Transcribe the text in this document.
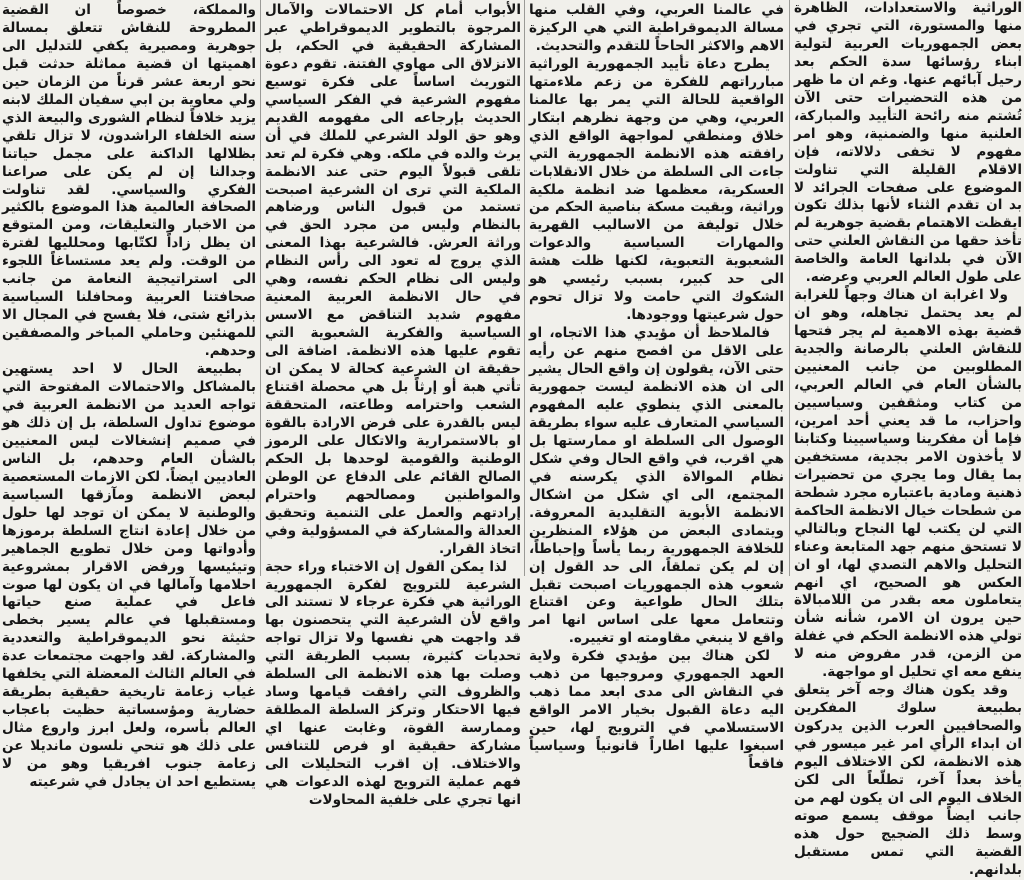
الوراثية والاستعدادات، الظاهرة منها والمستورة، التي تجري في بعض الجمهوريات العربية لتولية ابناء رؤسائها سدة الحكم بعد رحيل آبائهم عنها. وغم ان ما ظهر من هذه التحضيرات حتى الآن تُشتم منه رائحة التأييد والمباركة، العلنية منها والضمنية، وهو امر مفهوم لا تخفى دلالاته، فإن الاقلام القليلة التي تناولت الموضوع على صفحات الجرائد لا بد ان تقدم الثناء لأنها بذلك تكون ايقظت الاهتمام بقضية جوهرية لم تأخذ حقها من النقاش العلني حتى الآن في بلدانها العامة والخاصة على طول العالم العربي وعرضه.

ولا اغرابة ان هناك وجهاً للغرابة لم يعد يحتمل تجاهله، وهو ان قضية بهذه الاهمية لم يجر فتحها للنقاش العلني بالرصانة والجدية المطلوبين من جانب المعنيين بالشأن العام في العالم العربي، من كتاب ومثقفين وسياسيين واحزاب، ما قد يعني أحد امرين، فإما أن مفكرينا وسياسيينا وكتابنا لا يأخذون الامر بجدية، مستخفين بما يقال وما يجري من تحضيرات ذهنية ومادية باعتباره مجرد شطحة من شطحات خيال الانظمة الحاكمة التي لن يكتب لها النجاح وبالتالي لا تستحق منهم جهد المتابعة وعناء التحليل والاهم التصدي لها، او ان العكس هو الصحيح، اي انهم يتعاملون معه بقدر من اللامبالاة حين يرون ان الامر، شأنه شأن تولي هذه الانظمة الحكم في غفلة من الزمن، قدر مفروض منه لا ينفع معه اي تحليل او مواجهة.

وقد يكون هناك وجه آخر يتعلق بطبيعة سلوك المفكرين والصحافيين العرب الذين يدركون ان ابداء الرأي امر غير ميسور في هذه الانظمة، لكن الاختلاف اليوم يأخذ بعداً آخر، تطلّعاً الى لكن الخلاف اليوم الى ان يكون لهم من جانب ايضاً موقف يسمع صوته وسط ذلك الضجيج حول هذه القضية التي تمس مستقبل بلدانهم.

في عالمنا العربي، وفي القلب منها مسالة الديموقراطية التي هي الركيزة الاهم والاكثر الحاحاً للتقدم والتحديث.

يطرح دعاة تأييد الجمهورية الوراثية مبارراتهم للفكرة من زعم ملاءمتها الواقعية للحالة التي يمر بها عالمنا العربي، وهي من وجهة نظرهم ابتكار خلاق ومنطقي لمواجهة الواقع الذي رافقته هذه الانظمة الجمهورية التي جاءت الى السلطة من خلال الانقلابات العسكرية، معظمها ضد انظمة ملكية وراثية، وبقيت مسكة بناصية الحكم من خلال توليفة من الاساليب القهرية والمهارات السياسية والدعوات الشعبوية التعبوية، لكنها ظلت هشة الى حد كبير، بسبب رئيسي هو الشكوك التي حامت ولا تزال تحوم حول شرعيتها ووجودها.

فالملاحظ أن مؤيدي هذا الاتجاه، او على الاقل من افصح منهم عن رأيه حتى الآن، يقولون إن واقع الحال يشير الى ان هذه الانظمة ليست جمهورية بالمعنى الذي ينطوي عليه المفهوم السياسي المتعارف عليه سواء بطريقة الوصول الى السلطة او ممارستها بل هي اقرب، في واقع الحال وفي شكل نظام الموالاة الذي يكرسنه في المجتمع، الى اي شكل من اشكال الانظمة الأبوية التقليدية المعروفة. ويتمادى البعض من هؤلاء المنظرين للخلافة الجمهورية ربما يأساً وإحباطاً، إن لم يكن تملقاً، الى حد القول إن شعوب هذه الجمهوريات اصبحت تقبل بتلك الحال طواعية وعن اقتناع وتتعامل معها على اساس انها امر واقع لا ينبغي مقاومته او تغييره.

لكن هناك بين مؤيدي فكرة ولاية العهد الجمهوري ومروجيها من ذهب في النقاش الى مدى ابعد مما ذهب اليه دعاة القبول بخيار الامر الواقع الاستسلامي في الترويج لها، حين اسبغوا عليها اطاراً قانونياً وسياسياً فاقعاً

الأبواب أمام كل الاحتمالات والآمال المرجوة بالتطوير الديموقراطي عبر المشاركة الحقيقية في الحكم، بل الانزلاق الى مهاوي الفتنة. تقوم دعوة التوريث اساساً على فكرة توسيع مفهوم الشرعية في الفكر السياسي الحديث بإرجاعه الى مفهومه القديم وهو حق الولد الشرعي للملك في أن يرث والده في ملكه. وهي فكرة لم تعد تلقى قبولاً اليوم حتى عند الانظمة الملكية التي ترى ان الشرعية اصبحت تستمد من قبول الناس ورضاهم بالنظام وليس من مجرد الحق في وراثة العرش. فالشرعية بهذا المعنى الذي يروج له تعود الى رأس النظام وليس الى نظام الحكم نفسه، وهي في حال الانظمة العربية المعنية مفهوم شديد التناقض مع الاسس السياسية والفكرية الشعبوية التي تقوم عليها هذه الانظمة. اضافة الى حقيقة ان الشرعية كحالة لا يمكن ان تأتي هبة أو إرثاً بل هي محصلة اقتناع الشعب واحترامه وطاعته، المتحققة ليس بالقدرة على فرض الارادة بالقوة او بالاستمرارية والاتكال على الرموز الوطنية والقومية لوحدها بل الحكم الصالح القائم على الدفاع عن الوطن والمواطنين ومصالحهم واحترام إرادتهم والعمل على التنمية وتحقيق العدالة والمشاركة في المسؤولية وفي اتخاذ القرار.

لذا يمكن القول إن الاختباء وراء حجة الشرعية للترويج لفكرة الجمهورية الوراثية هي فكرة عرجاء لا تستند الى واقع لأن الشرعية التي يتحصنون بها قد واجهت هي نفسها ولا تزال تواجه تحديات كثيرة، بسبب الطريقة التي وصلت بها هذه الانظمة الى السلطة والظروف التي رافقت قيامها وساد فيها الاحتكار وتركز السلطة المطلقة وممارسة القوة، وغابت عنها اي مشاركة حقيقية او فرص للتنافس والاختلاف. إن اقرب التحليلات الى فهم عملية الترويج لهذه الدعوات هي انها تجري على خلفية المحاولات

والمملكة، خصوصاً ان القضية المطروحة للنقاش تتعلق بمسالة جوهرية ومصيرية يكفي للتدليل الى اهميتها ان قضية مماثلة حدثت قبل نحو اربعة عشر قرناً من الزمان حين ولي معاوية بن ابي سفيان الملك لابنه يزيد خلافاً لنظام الشورى والبيعة الذي سنه الخلفاء الراشدون، لا تزال تلقي بظلالها الداكنة على مجمل حياتنا وجدالنا إن لم يكن على صراعنا الفكري والسياسي. لقد تناولت الصحافة العالمية هذا الموضوع بالكثير من الاخبار والتعليقات، ومن المتوقع ان يظل زاداً لكتّابها ومحلليها لفترة من الوقت. ولم يعد مستساغاً اللجوء الى استراتيجية النعامة من جانب صحافتنا العربية ومحافلنا السياسية بذرائع شتى، فلا يفسح في المجال الا للمهنئين وحاملي المباخر والمصفقين وحدهم.

بطبيعة الحال لا احد يستهين بالمشاكل والاحتمالات المفتوحة التي تواجه العديد من الانظمة العربية في موضوع تداول السلطة، بل إن ذلك هو في صميم إنشغالات ليس المعنيين بالشأن العام وحدهم، بل الناس العاديين ايضاً. لكن الازمات المستعصية لبعض الانظمة ومآزقها السياسية والوطنية لا يمكن ان توجد لها حلول من خلال إعادة انتاج السلطة برموزها وأدواتها ومن خلال تطويع الجماهير وتيئيسها ورفض الاقرار بمشروعية احلامها وآمالها في ان يكون لها صوت فاعل في عملية صنع حياتها ومستقبلها في عالم يسير بخطى حثيثة نحو الديموقراطية والتعددية والمشاركة. لقد واجهت مجتمعات عدة في العالم الثالث المعضلة التي يخلفها غياب زعامة تاريخية حقيقية بطريقة حضارية ومؤسساتية حظيت باعجاب العالم بأسره، ولعل ابرز واروع مثال على ذلك هو تنحي نلسون مانديلا عن زعامة جنوب افريقيا وهو من لا يستطيع احد ان يجادل في شرعيته
